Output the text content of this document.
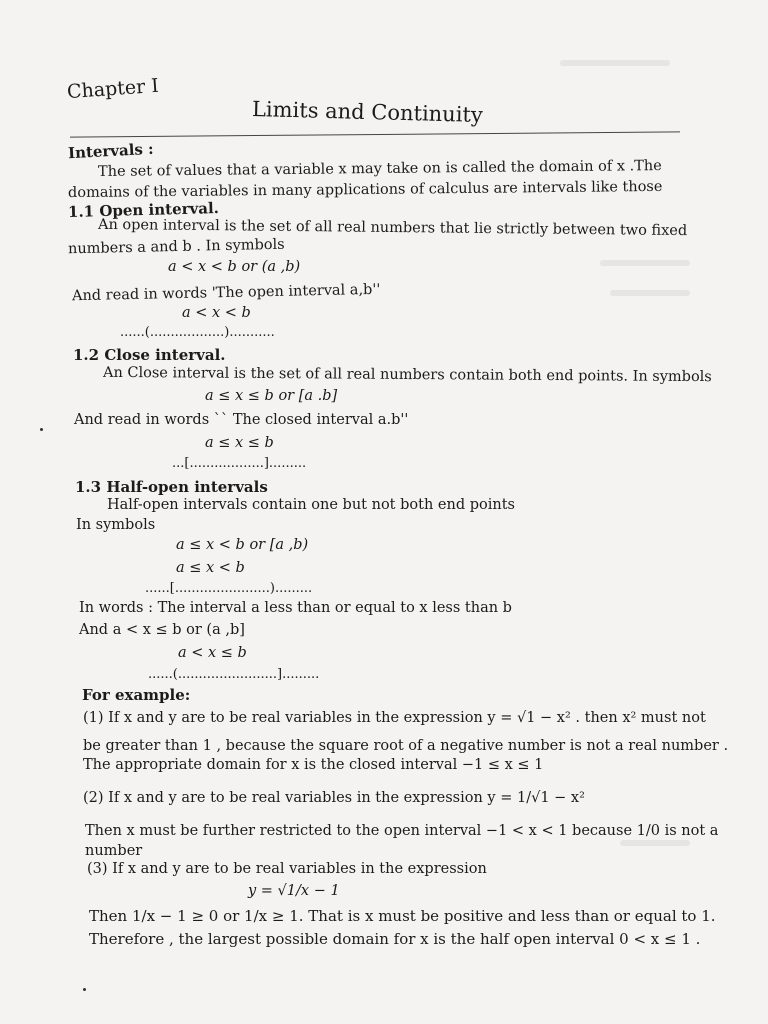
Chapter I
Limits and Continuity
Intervals :
The set of values that a variable x may take on is called the domain of x .The
domains of the variables in many applications of calculus are intervals like those
1.1 Open interval.
An open interval is the set of all real numbers that lie strictly between two fixed
numbers a and b . In symbols
a < x < b or (a ,b)
And read in words 'The open interval a,b''
a < x < b
......(..................)...........
1.2 Close interval.
An Close interval is the set of all real numbers contain both end points. In symbols
a ≤ x ≤ b or [a .b]
And read in words `` The closed interval a.b''
a ≤ x ≤ b
...[..................].........
1.3 Half-open intervals
Half-open intervals contain one but not both end points
In symbols
a ≤ x < b or [a ,b)
a ≤ x < b
......[.......................).........
In words : The interval a less than or equal to x less than b
And a < x ≤ b or (a ,b]
a < x ≤ b
......(........................].........
For example:
(1) If x and y are to be real variables in the expression y = √1 − x² . then x² must not
be greater than 1 , because the square root of a negative number is not a real number .
The appropriate domain for x is the closed interval −1 ≤ x ≤ 1
(2) If x and y are to be real variables in the expression y = 1/√1 − x²
Then x must be further restricted to the open interval −1 < x < 1 because 1/0 is not a
number
(3) If x and y are to be real variables in the expression
y = √1/x − 1
Then 1/x − 1 ≥ 0 or 1/x ≥ 1. That is x must be positive and less than or equal to 1.
Therefore , the largest possible domain for x is the half open interval 0 < x ≤ 1 .
